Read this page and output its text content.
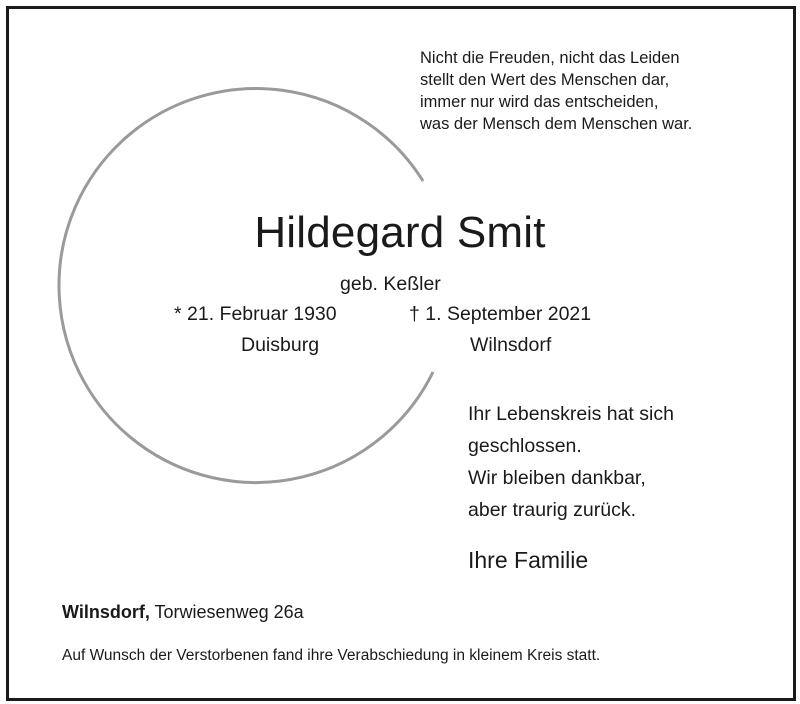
Nicht die Freuden, nicht das Leiden
stellt den Wert des Menschen dar,
immer nur wird das entscheiden,
was der Mensch dem Menschen war.
Hildegard Smit
geb. Keßler
* 21. Februar 1930	† 1. September 2021
Duisburg	Wilnsdorf
Ihr Lebenskreis hat sich
geschlossen.
Wir bleiben dankbar,
aber traurig zurück.
Ihre Familie
Wilnsdorf, Torwiesenweg 26a
Auf Wunsch der Verstorbenen fand ihre Verabschiedung in kleinem Kreis statt.
